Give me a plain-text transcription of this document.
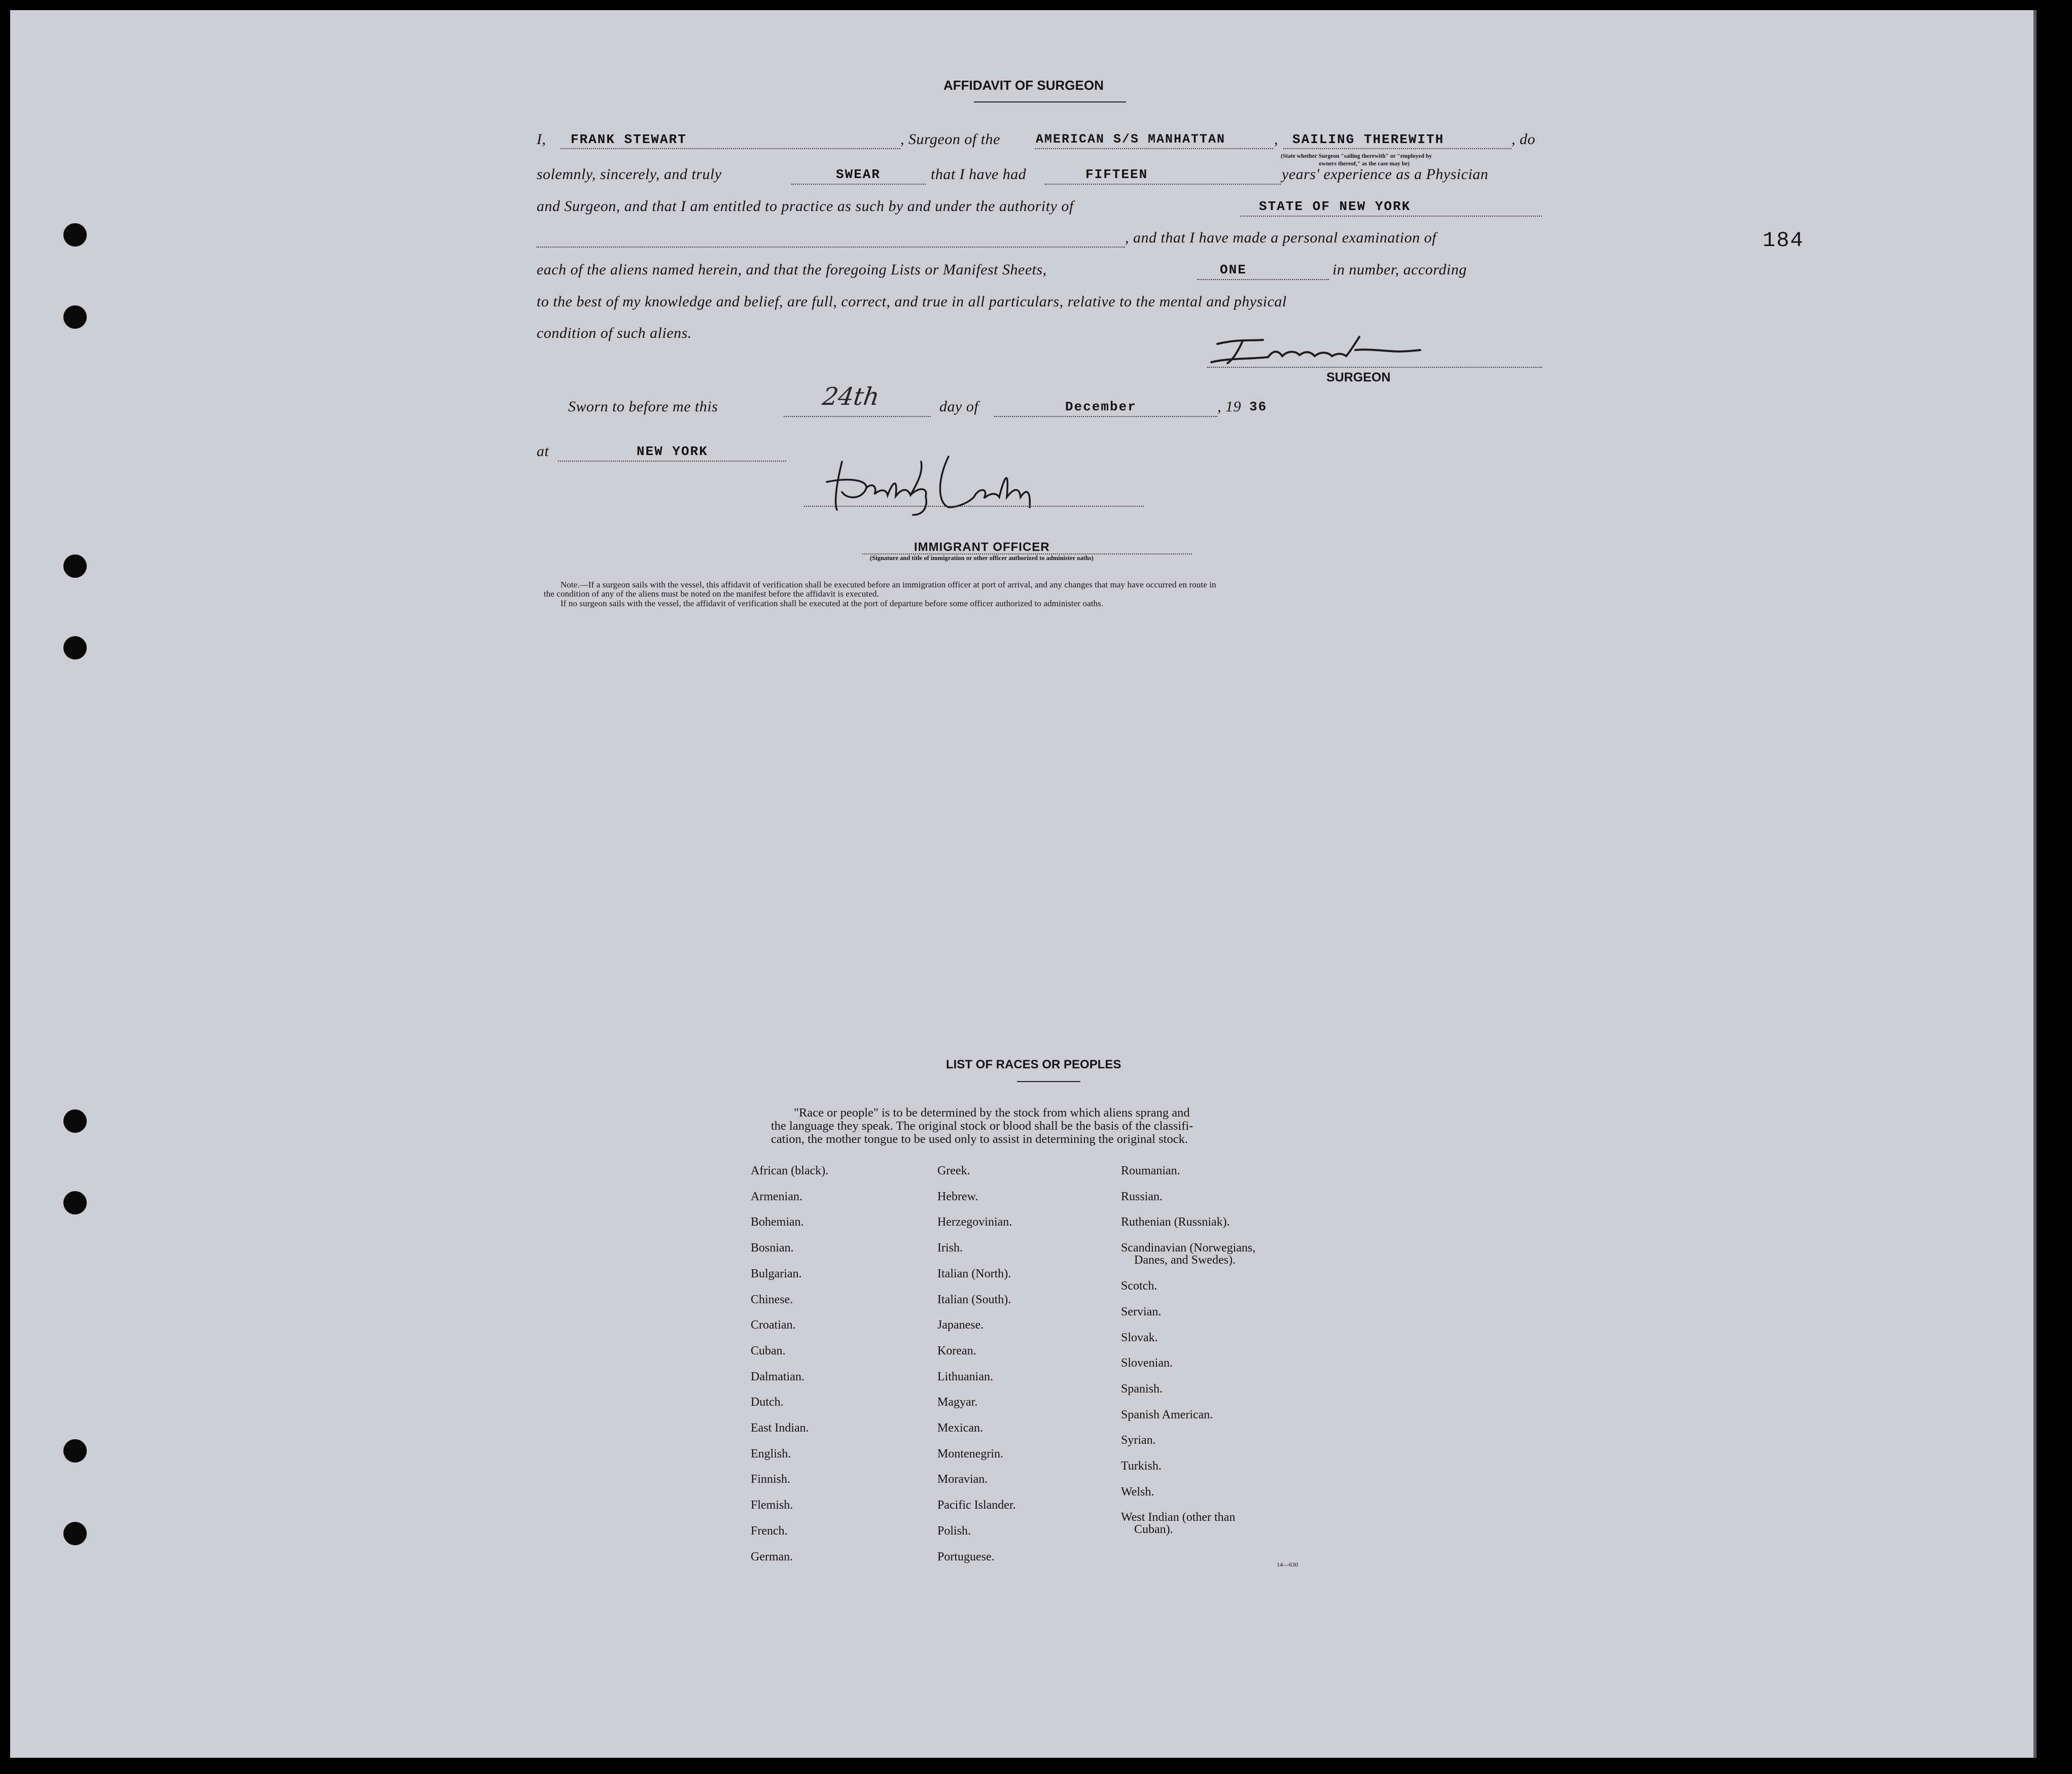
184
AFFIDAVIT OF SURGEON
I, FRANK STEWART	, Surgeon of the	AMERICAN S/S MANHATTAN	, SAILING THEREWITH	, do
(State whether Surgeon "sailing therewith" or "employed by
owners thereof," as the case may be)
solemnly, sincerely, and truly	SWEAR	that I have had	FIFTEEN	years' experience as a Physician
and Surgeon, and that I am entitled to practice as such by and under the authority of	STATE OF NEW YORK
, and that I have made a personal examination of
each of the aliens named herein, and that the foregoing Lists or Manifest Sheets,	ONE	in number, according
to the best of my knowledge and belief, are full, correct, and true in all particulars, relative to the mental and physical
condition of such aliens.
SURGEON
Sworn to before me this	24th	day of	December	, 19 36
at	NEW YORK
IMMIGRANT OFFICER
(Signature and title of immigration or other officer authorized to administer oaths)
Note.—If a surgeon sails with the vessel, this affidavit of verification shall be executed before an immigration officer at port of arrival, and any changes that may have occurred en route in
the condition of any of the aliens must be noted on the manifest before the affidavit is executed.
If no surgeon sails with the vessel, the affidavit of verification shall be executed at the port of departure before some officer authorized to administer oaths.
LIST OF RACES OR PEOPLES
"Race or people" is to be determined by the stock from which aliens sprang and
the language they speak. The original stock or blood shall be the basis of the classifi-
cation, the mother tongue to be used only to assist in determining the original stock.
African (black).
Armenian.
Bohemian.
Bosnian.
Bulgarian.
Chinese.
Croatian.
Cuban.
Dalmatian.
Dutch.
East Indian.
English.
Finnish.
Flemish.
French.
German.
Greek.
Hebrew.
Herzegovinian.
Irish.
Italian (North).
Italian (South).
Japanese.
Korean.
Lithuanian.
Magyar.
Mexican.
Montenegrin.
Moravian.
Pacific Islander.
Polish.
Portuguese.
Roumanian.
Russian.
Ruthenian (Russniak).
Scandinavian (Norwegians,
Danes, and Swedes).
Scotch.
Servian.
Slovak.
Slovenian.
Spanish.
Spanish American.
Syrian.
Turkish.
Welsh.
West Indian (other than
Cuban).
14—630
